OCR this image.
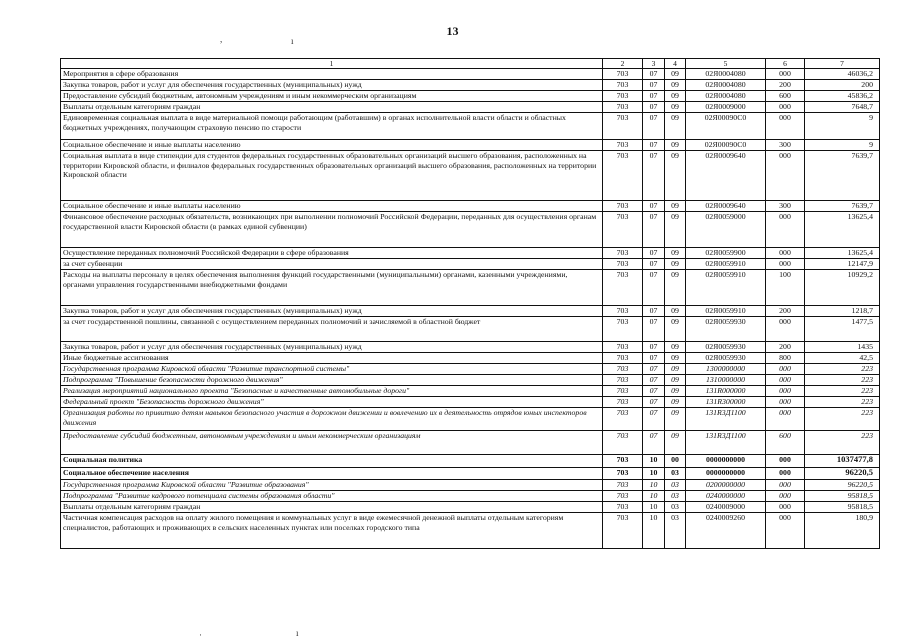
13
,	ı
·	ı
1	2	3	4	5	6	7
Мероприятия в сфере образования	703	07	09	02Я0004080	000	46036,2
Закупка товаров, работ и услуг для обеспечения государственных (муниципальных) нужд	703	07	09	02Я0004080	200	200
Предоставление субсидий бюджетным, автономным учреждениям и иным некоммерческим организациям	703	07	09	02Я0004080	600	45836,2
Выплаты отдельным категориям граждан	703	07	09	02Я0009000	000	7648,7
Единовременная социальная выплата в виде материальной помощи работающим (работавшим) в органах исполнительной власти области и областных бюджетных учреждениях, получающим страховую пенсию по старости	703	07	09	02Я00090С0	000	9
Социальное обеспечение и иные выплаты населению	703	07	09	02Я00090С0	300	9
Социальная выплата в виде стипендии для студентов федеральных государственных образовательных организаций высшего образования, расположенных на территории Кировской области, и филиалов федеральных государственных образовательных организаций высшего образования, расположенных на территории Кировской области	703	07	09	02Я0009640	000	7639,7
Социальное обеспечение и иные выплаты населению	703	07	09	02Я0009640	300	7639,7
Финансовое обеспечение расходных обязательств, возникающих при выполнении полномочий Российской Федерации, переданных для осуществления органам государственной власти Кировской области (в рамках единой субвенции)	703	07	09	02Я0059000	000	13625,4
Осуществление переданных полномочий Российской Федерации в сфере образования	703	07	09	02Я0059900	000	13625,4
за счет субвенции	703	07	09	02Я0059910	000	12147,9
Расходы на выплаты персоналу в целях обеспечения выполнения функций государственными (муниципальными) органами, казенными учреждениями, органами управления государственными внебюджетными фондами	703	07	09	02Я0059910	100	10929,2
Закупка товаров, работ и услуг для обеспечения государственных (муниципальных) нужд	703	07	09	02Я0059910	200	1218,7
за счет государственной пошлины, связанной с осуществлением переданных полномочий и зачисляемой в областной бюджет	703	07	09	02Я0059930	000	1477,5
Закупка товаров, работ и услуг для обеспечения государственных (муниципальных) нужд	703	07	09	02Я0059930	200	1435
Иные бюджетные ассигнования	703	07	09	02Я0059930	800	42,5
Государственная программа Кировской области "Развитие транспортной системы"	703	07	09	1300000000	000	223
Подпрограмма "Повышение безопасности дорожного движения"	703	07	09	1310000000	000	223
Реализация мероприятий национального проекта "Безопасные и качественные автомобильные дороги"	703	07	09	131R000000	000	223
Федеральный проект "Безопасность дорожного движения"	703	07	09	131R300000	000	223
Организация работы по привитию детям навыков безопасного участия в дорожном движении и вовлечению их в деятельность отрядов юных инспекторов движения	703	07	09	131R3Д1100	000	223
Предоставление субсидий бюджетным, автономным учреждениям и иным некоммерческим организациям	703	07	09	131R3Д1100	600	223
Социальная политика	703	10	00	0000000000	000	1037477,8
Социальное обеспечение населения	703	10	03	0000000000	000	96220,5
Государственная программа Кировской области "Развитие образования"	703	10	03	0200000000	000	96220,5
Подпрограмма "Развитие кадрового потенциала системы образования области"	703	10	03	0240000000	000	95818,5
Выплаты отдельным категориям граждан	703	10	03	0240009000	000	95818,5
Частичная компенсация расходов на оплату жилого помещения и коммунальных услуг в виде ежемесячной денежной выплаты отдельным категориям специалистов, работающих и проживающих в сельских населенных пунктах или поселках городского типа	703	10	03	0240009260	000	180,9
